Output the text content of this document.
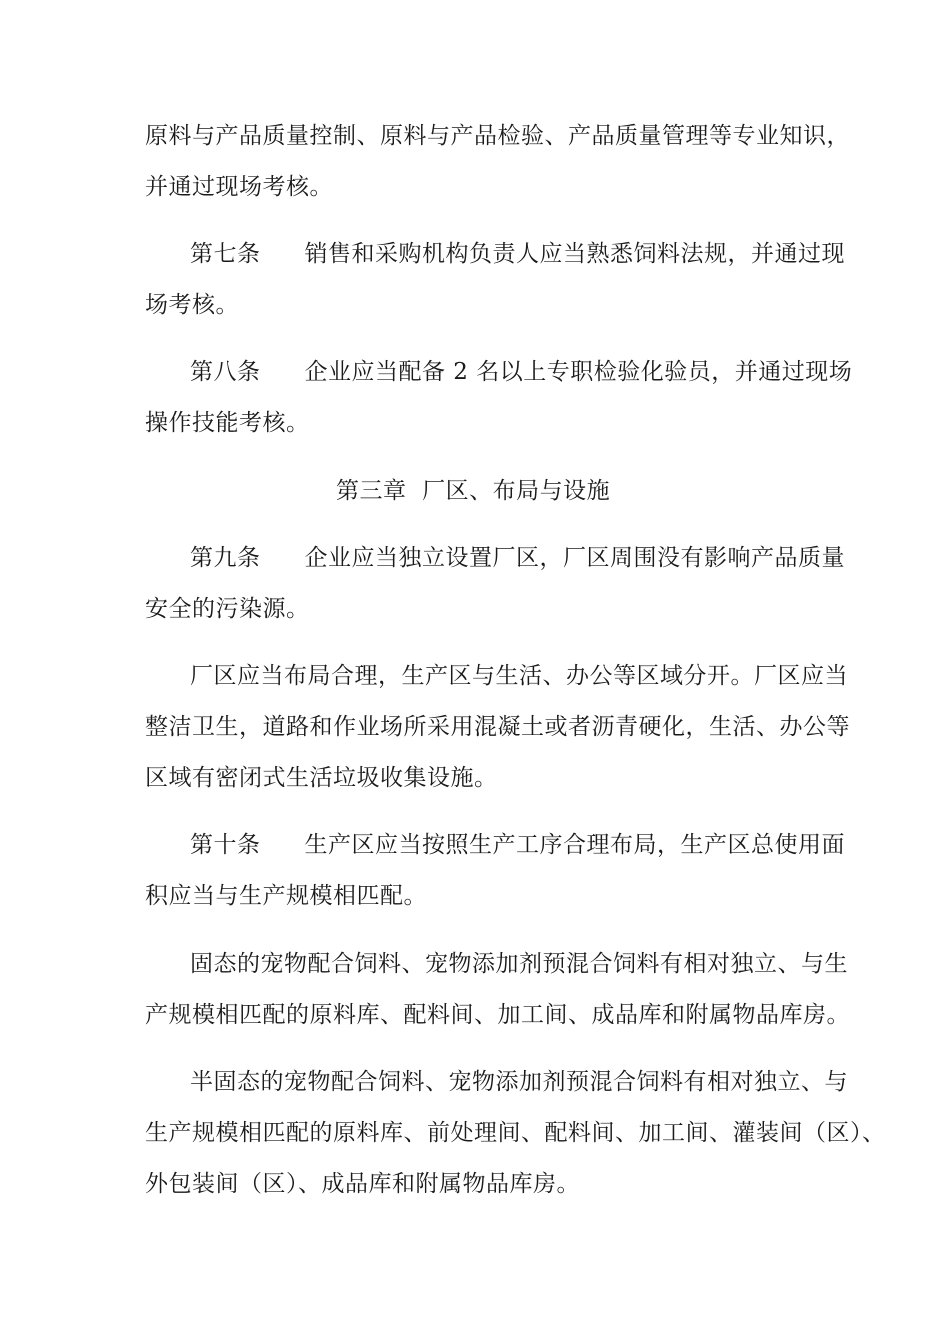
原料与产品质量控制、原料与产品检验、产品质量管理等专业知识，
并通过现场考核。
第七条 销售和采购机构负责人应当熟悉饲料法规，并通过现
场考核。
第八条 企业应当配备 2 名以上专职检验化验员，并通过现场
操作技能考核。
第三章  厂区、布局与设施
第九条 企业应当独立设置厂区，厂区周围没有影响产品质量
安全的污染源。
厂区应当布局合理，生产区与生活、办公等区域分开。厂区应当
整洁卫生，道路和作业场所采用混凝土或者沥青硬化，生活、办公等
区域有密闭式生活垃圾收集设施。
第十条 生产区应当按照生产工序合理布局，生产区总使用面
积应当与生产规模相匹配。
固态的宠物配合饲料、宠物添加剂预混合饲料有相对独立、与生
产规模相匹配的原料库、配料间、加工间、成品库和附属物品库房。
半固态的宠物配合饲料、宠物添加剂预混合饲料有相对独立、与
生产规模相匹配的原料库、前处理间、配料间、加工间、灌装间（区）、
外包装间（区）、成品库和附属物品库房。
